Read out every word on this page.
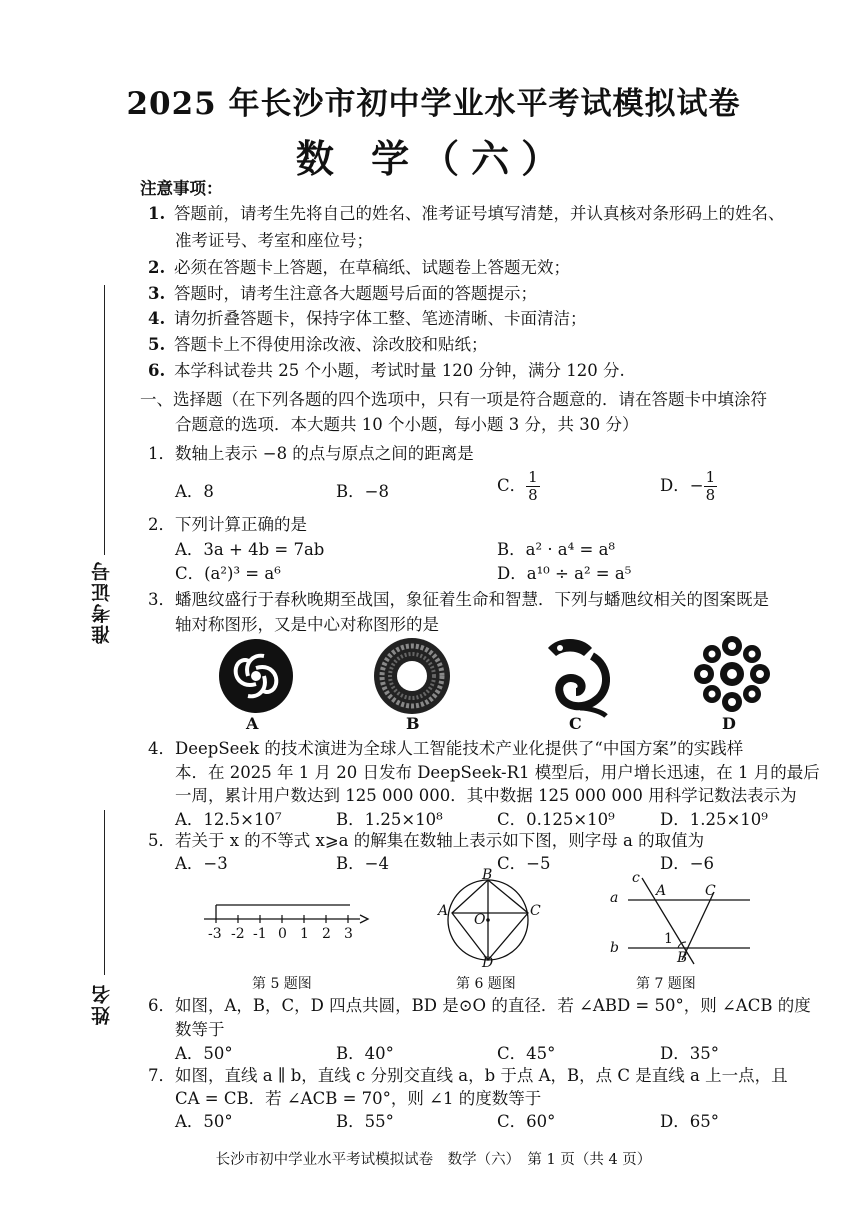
2025 年长沙市初中学业水平考试模拟试卷
数 学（六）
准考证号
姓名
注意事项：
1. 答题前，请考生先将自己的姓名、准考证号填写清楚，并认真核对条形码上的姓名、
准考证号、考室和座位号；
2. 必须在答题卡上答题，在草稿纸、试题卷上答题无效；
3. 答题时，请考生注意各大题题号后面的答题提示；
4. 请勿折叠答题卡，保持字体工整、笔迹清晰、卡面清洁；
5. 答题卡上不得使用涂改液、涂改胶和贴纸；
6. 本学科试卷共 25 个小题，考试时量 120 分钟，满分 120 分.
一、选择题（在下列各题的四个选项中，只有一项是符合题意的．请在答题卡中填涂符
合题意的选项．本大题共 10 个小题，每小题 3 分，共 30 分）
1．数轴上表示 −8 的点与原点之间的距离是
A．8	B．−8	C． $\frac{1}{8}$	D．− $\frac{1}{8}$
2．下列计算正确的是
A．3a + 4b = 7ab	B．a² · a⁴ = a⁸
C．(a²)³ = a⁶	D．a¹⁰ ÷ a² = a⁵
3．蟠虺纹盛行于春秋晚期至战国，象征着生命和智慧．下列与蟠虺纹相关的图案既是
轴对称图形，又是中心对称图形的是
A	B	C	D
4．DeepSeek 的技术演进为全球人工智能技术产业化提供了“中国方案”的实践样
本．在 2025 年 1 月 20 日发布 DeepSeek-R1 模型后，用户增长迅速，在 1 月的最后
一周，累计用户数达到 125 000 000．其中数据 125 000 000 用科学记数法表示为
A．12.5×10⁷	B．1.25×10⁸	C．0.125×10⁹	D．1.25×10⁹
5．若关于 x 的不等式 x⩾a 的解集在数轴上表示如下图，则字母 a 的取值为
A．−3	B．−4	C．−5	D．−6
-3 -2 -1 0 1 2 3
第 5 题图
B
A	C
O
D
第 6 题图
c
A	C
a
1
b
B
第 7 题图
6．如图，A，B，C，D 四点共圆，BD 是⊙O 的直径．若 ∠ABD = 50°，则 ∠ACB 的度
数等于
A．50°	B．40°	C．45°	D．35°
7．如图，直线 a ∥ b，直线 c 分别交直线 a，b 于点 A，B，点 C 是直线 a 上一点，且
CA = CB．若 ∠ACB = 70°，则 ∠1 的度数等于
A．50°	B．55°	C．60°	D．65°
长沙市初中学业水平考试模拟试卷　数学（六）　第 1 页（共 4 页）
